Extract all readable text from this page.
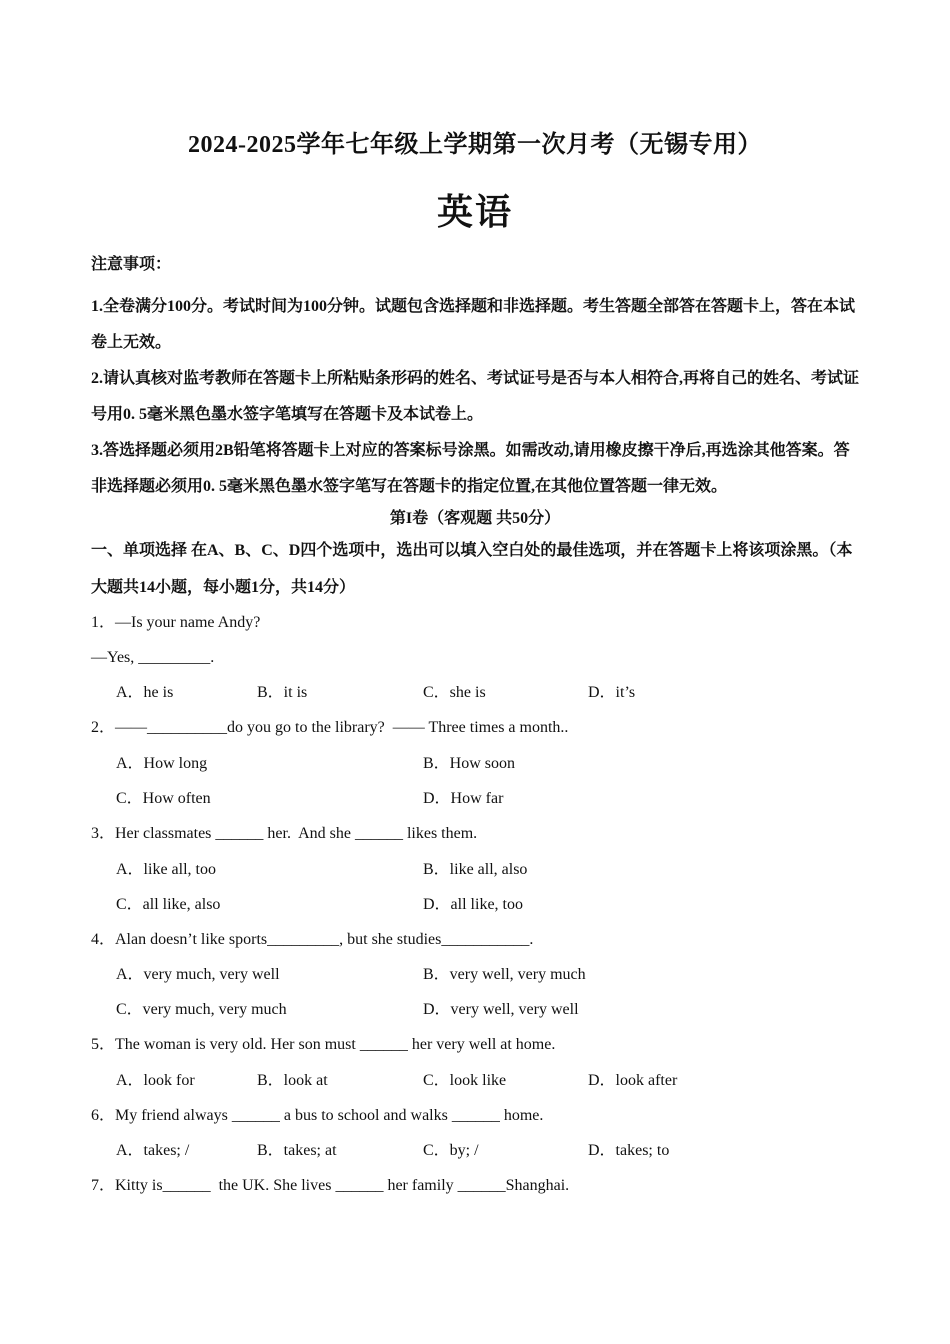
2024-2025学年七年级上学期第一次月考（无锡专用）
英语
注意事项：
1.全卷满分100分。考试时间为100分钟。试题包含选择题和非选择题。考生答题全部答在答题卡上，答在本试卷上无效。
2.请认真核对监考教师在答题卡上所粘贴条形码的姓名、考试证号是否与本人相符合,再将自己的姓名、考试证号用0. 5毫米黑色墨水签字笔填写在答题卡及本试卷上。
3.答选择题必须用2B铅笔将答题卡上对应的答案标号涂黑。如需改动,请用橡皮擦干净后,再选涂其他答案。答非选择题必须用0. 5毫米黑色墨水签字笔写在答题卡的指定位置,在其他位置答题一律无效。
第I卷（客观题 共50分）
一、单项选择 在A、B、C、D四个选项中，选出可以填入空白处的最佳选项，并在答题卡上将该项涂黑。（本大题共14小题，每小题1分，共14分）
1．—Is your name Andy?
—Yes, _________.
A．he is	B．it is	C．she is	D．it’s
2．——__________do you go to the library?  —— Three times a month..
A．How long	B．How soon
C．How often	D．How far
3．Her classmates ______ her.  And she ______ likes them.
A．like all, too	B．like all, also
C．all like, also	D．all like, too
4．Alan doesn’t like sports_________, but she studies___________.
A．very much, very well	B．very well, very much
C．very much, very much	D．very well, very well
5．The woman is very old. Her son must ______ her very well at home.
A．look for	B．look at	C．look like	D．look after
6．My friend always ______ a bus to school and walks ______ home.
A．takes; /	B．takes; at	C．by; /	D．takes; to
7．Kitty is______  the UK. She lives ______ her family ______Shanghai.
